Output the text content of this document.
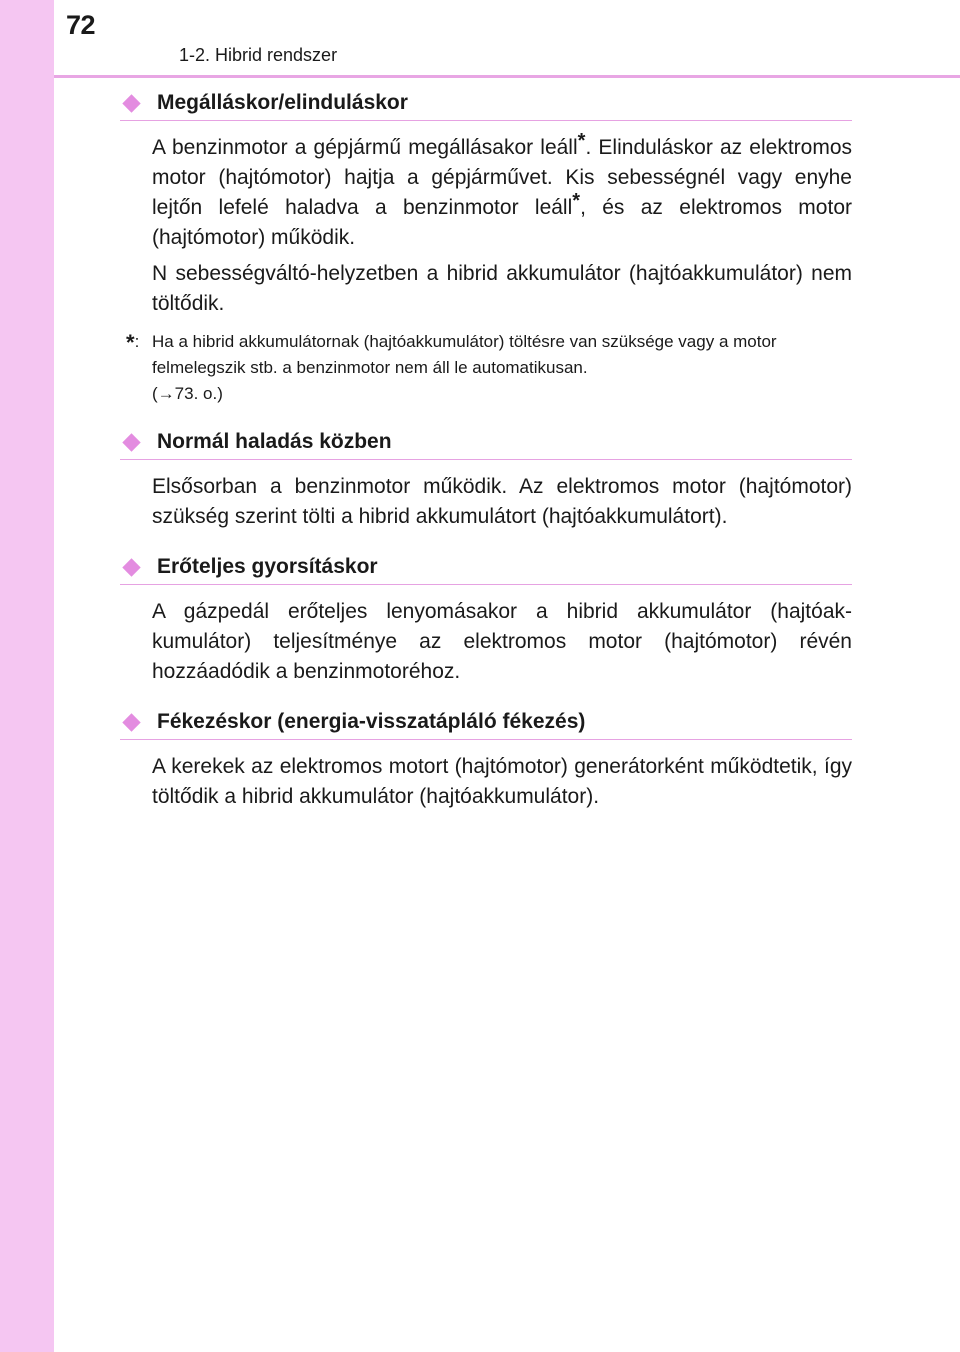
72
1-2. Hibrid rendszer
Megálláskor/elinduláskor

A benzinmotor a gépjármű megállásakor leáll*. Elinduláskor az elektromos motor (hajtómotor) hajtja a gépjárművet. Kis sebességnél vagy enyhe lejtőn lefelé haladva a benzinmotor leáll*, és az elektromos motor (hajtómotor) működik.

N sebességváltó-helyzetben a hibrid akkumulátor (hajtóakkumulátor) nem töltődik.

*: Ha a hibrid akkumulátornak (hajtóakkumulátor) töltésre van szüksége vagy a motor felmelegszik stb. a benzinmotor nem áll le automatikusan.
(→73. o.)
Normál haladás közben

Elsősorban a benzinmotor működik. Az elektromos motor (hajtómotor) szükség szerint tölti a hibrid akkumulátort (hajtóakkumulátort).

Erőteljes gyorsításkor

A gázpedál erőteljes lenyomásakor a hibrid akkumulátor (hajtóakkumulátor) teljesítménye az elektromos motor (hajtómotor) révén hozzáadódik a benzinmotoréhoz.

Fékezéskor (energia-visszatápláló fékezés)

A kerekek az elektromos motort (hajtómotor) generátorként működtetik, így töltődik a hibrid akkumulátor (hajtóakkumulátor).
